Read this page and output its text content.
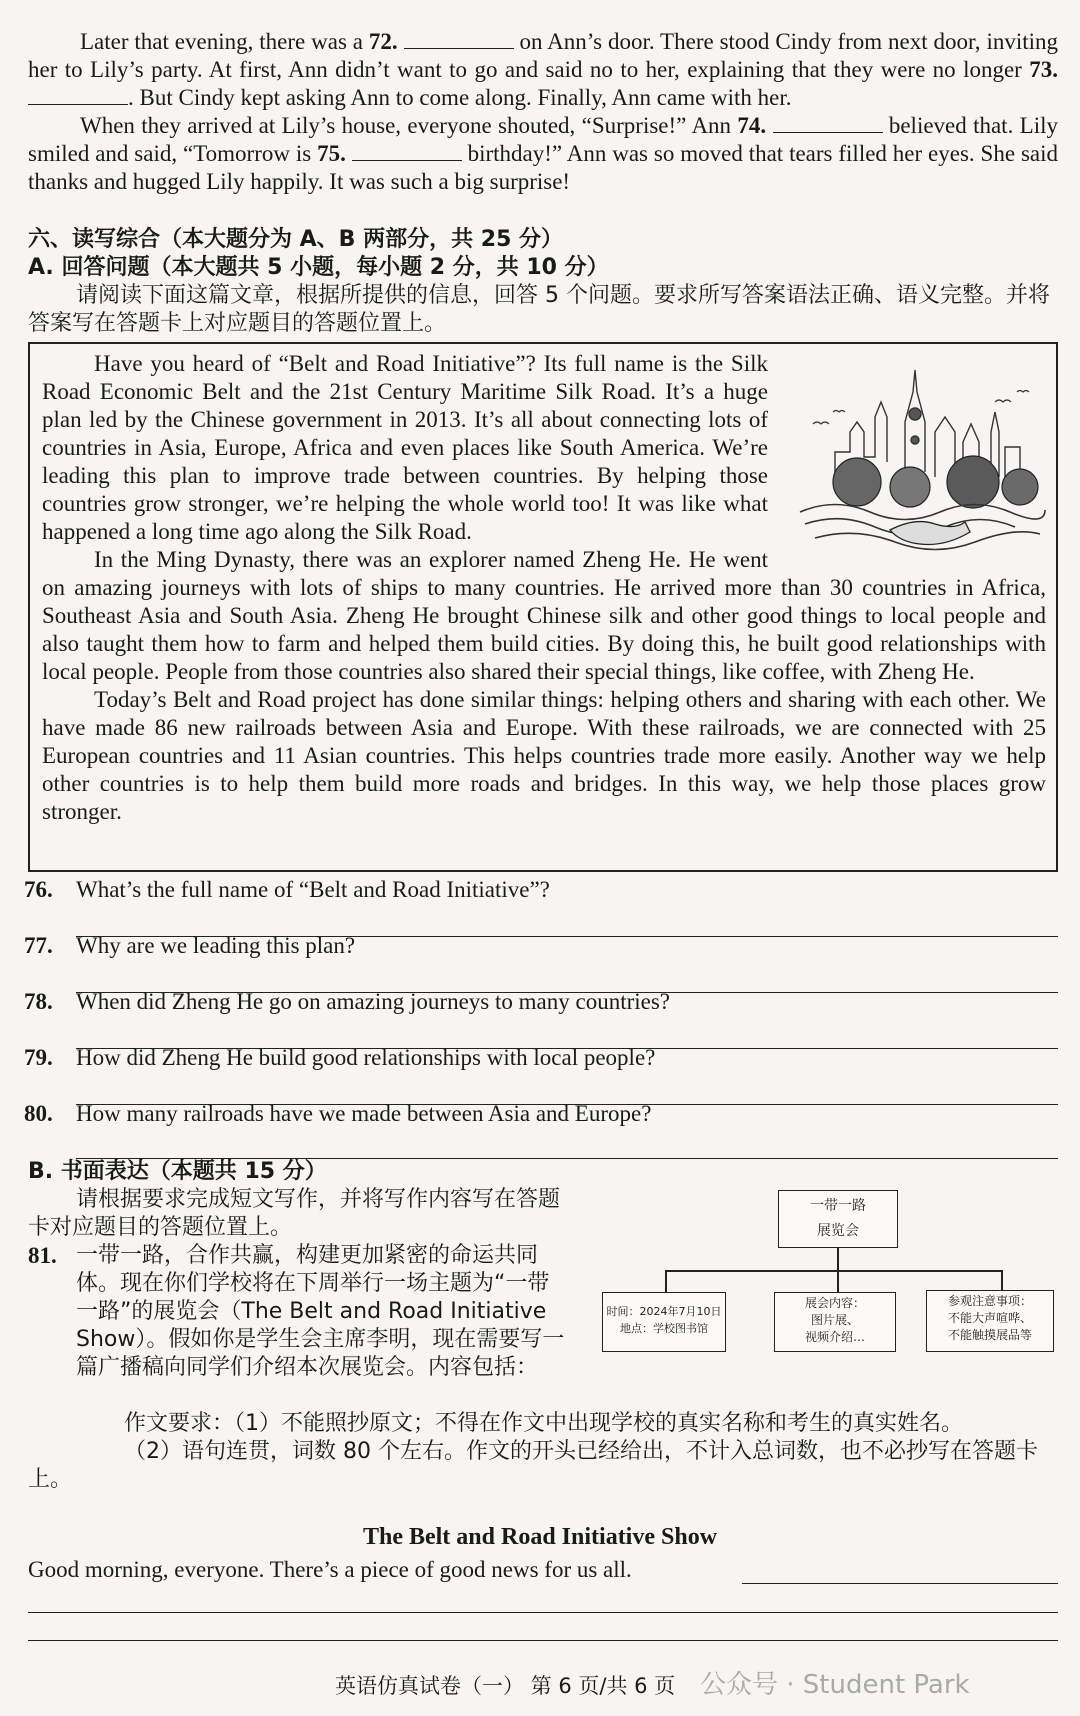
Later that evening, there was a 72.	on Ann’s door. There stood Cindy from next door, inviting her to Lily’s party. At first, Ann didn’t want to go and said no to her, explaining that they were no longer 73. . But Cindy kept asking Ann to come along. Finally, Ann came with her.
When they arrived at Lily’s house, everyone shouted, “Surprise!” Ann 74.	believed that. Lily smiled and said, “Tomorrow is 75.	birthday!” Ann was so moved that tears filled her eyes. She said thanks and hugged Lily happily. It was such a big surprise!
六、读写综合（本大题分为 A、B 两部分，共 25 分）
A. 回答问题（本大题共 5 小题，每小题 2 分，共 10 分）
请阅读下面这篇文章，根据所提供的信息，回答 5 个问题。要求所写答案语法正确、语义完整。并将答案写在答题卡上对应题目的答题位置上。
Have you heard of “Belt and Road Initiative”? Its full name is the Silk Road Economic Belt and the 21st Century Maritime Silk Road. It’s a huge plan led by the Chinese government in 2013. It’s all about connecting lots of countries in Asia, Europe, Africa and even places like South America. We’re leading this plan to improve trade between countries. By helping those countries grow stronger, we’re helping the whole world too! It was like what happened a long time ago along the Silk Road.
In the Ming Dynasty, there was an explorer named Zheng He. He went on amazing journeys with lots of ships to many countries. He arrived more than 30 countries in Africa, Southeast Asia and South Asia. Zheng He brought Chinese silk and other good things to local people and also taught them how to farm and helped them build cities. By doing this, he built good relationships with local people. People from those countries also shared their special things, like coffee, with Zheng He.
Today’s Belt and Road project has done similar things: helping others and sharing with each other. We have made 86 new railroads between Asia and Europe. With these railroads, we are connected with 25 European countries and 11 Asian countries. This helps countries trade more easily. Another way we help other countries is to help them build more roads and bridges. In this way, we help those places grow stronger.
76. What’s the full name of “Belt and Road Initiative”?
77. Why are we leading this plan?
78. When did Zheng He go on amazing journeys to many countries?
79. How did Zheng He build good relationships with local people?
80. How many railroads have we made between Asia and Europe?
B. 书面表达（本题共 15 分）
请根据要求完成短文写作，并将写作内容写在答题卡对应题目的答题位置上。
81. 一带一路，合作共赢，构建更加紧密的命运共同体。现在你们学校将在下周举行一场主题为“一带一路”的展览会（The Belt and Road Initiative Show）。假如你是学生会主席李明，现在需要写一篇广播稿向同学们介绍本次展览会。内容包括：
一带一路
展览会
时间：2024年7月10日
地点：学校图书馆
展会内容：
图片展、
视频介绍…
参观注意事项：
不能大声喧哗、
不能触摸展品等
作文要求：（1）不能照抄原文；不得在作文中出现学校的真实名称和考生的真实姓名。
（2）语句连贯，词数 80 个左右。作文的开头已经给出，不计入总词数，也不必抄写在答题卡上。
The Belt and Road Initiative Show
Good morning, everyone. There’s a piece of good news for us all.
英语仿真试卷（一） 第 6 页/共 6 页 公众号 · Student Park
